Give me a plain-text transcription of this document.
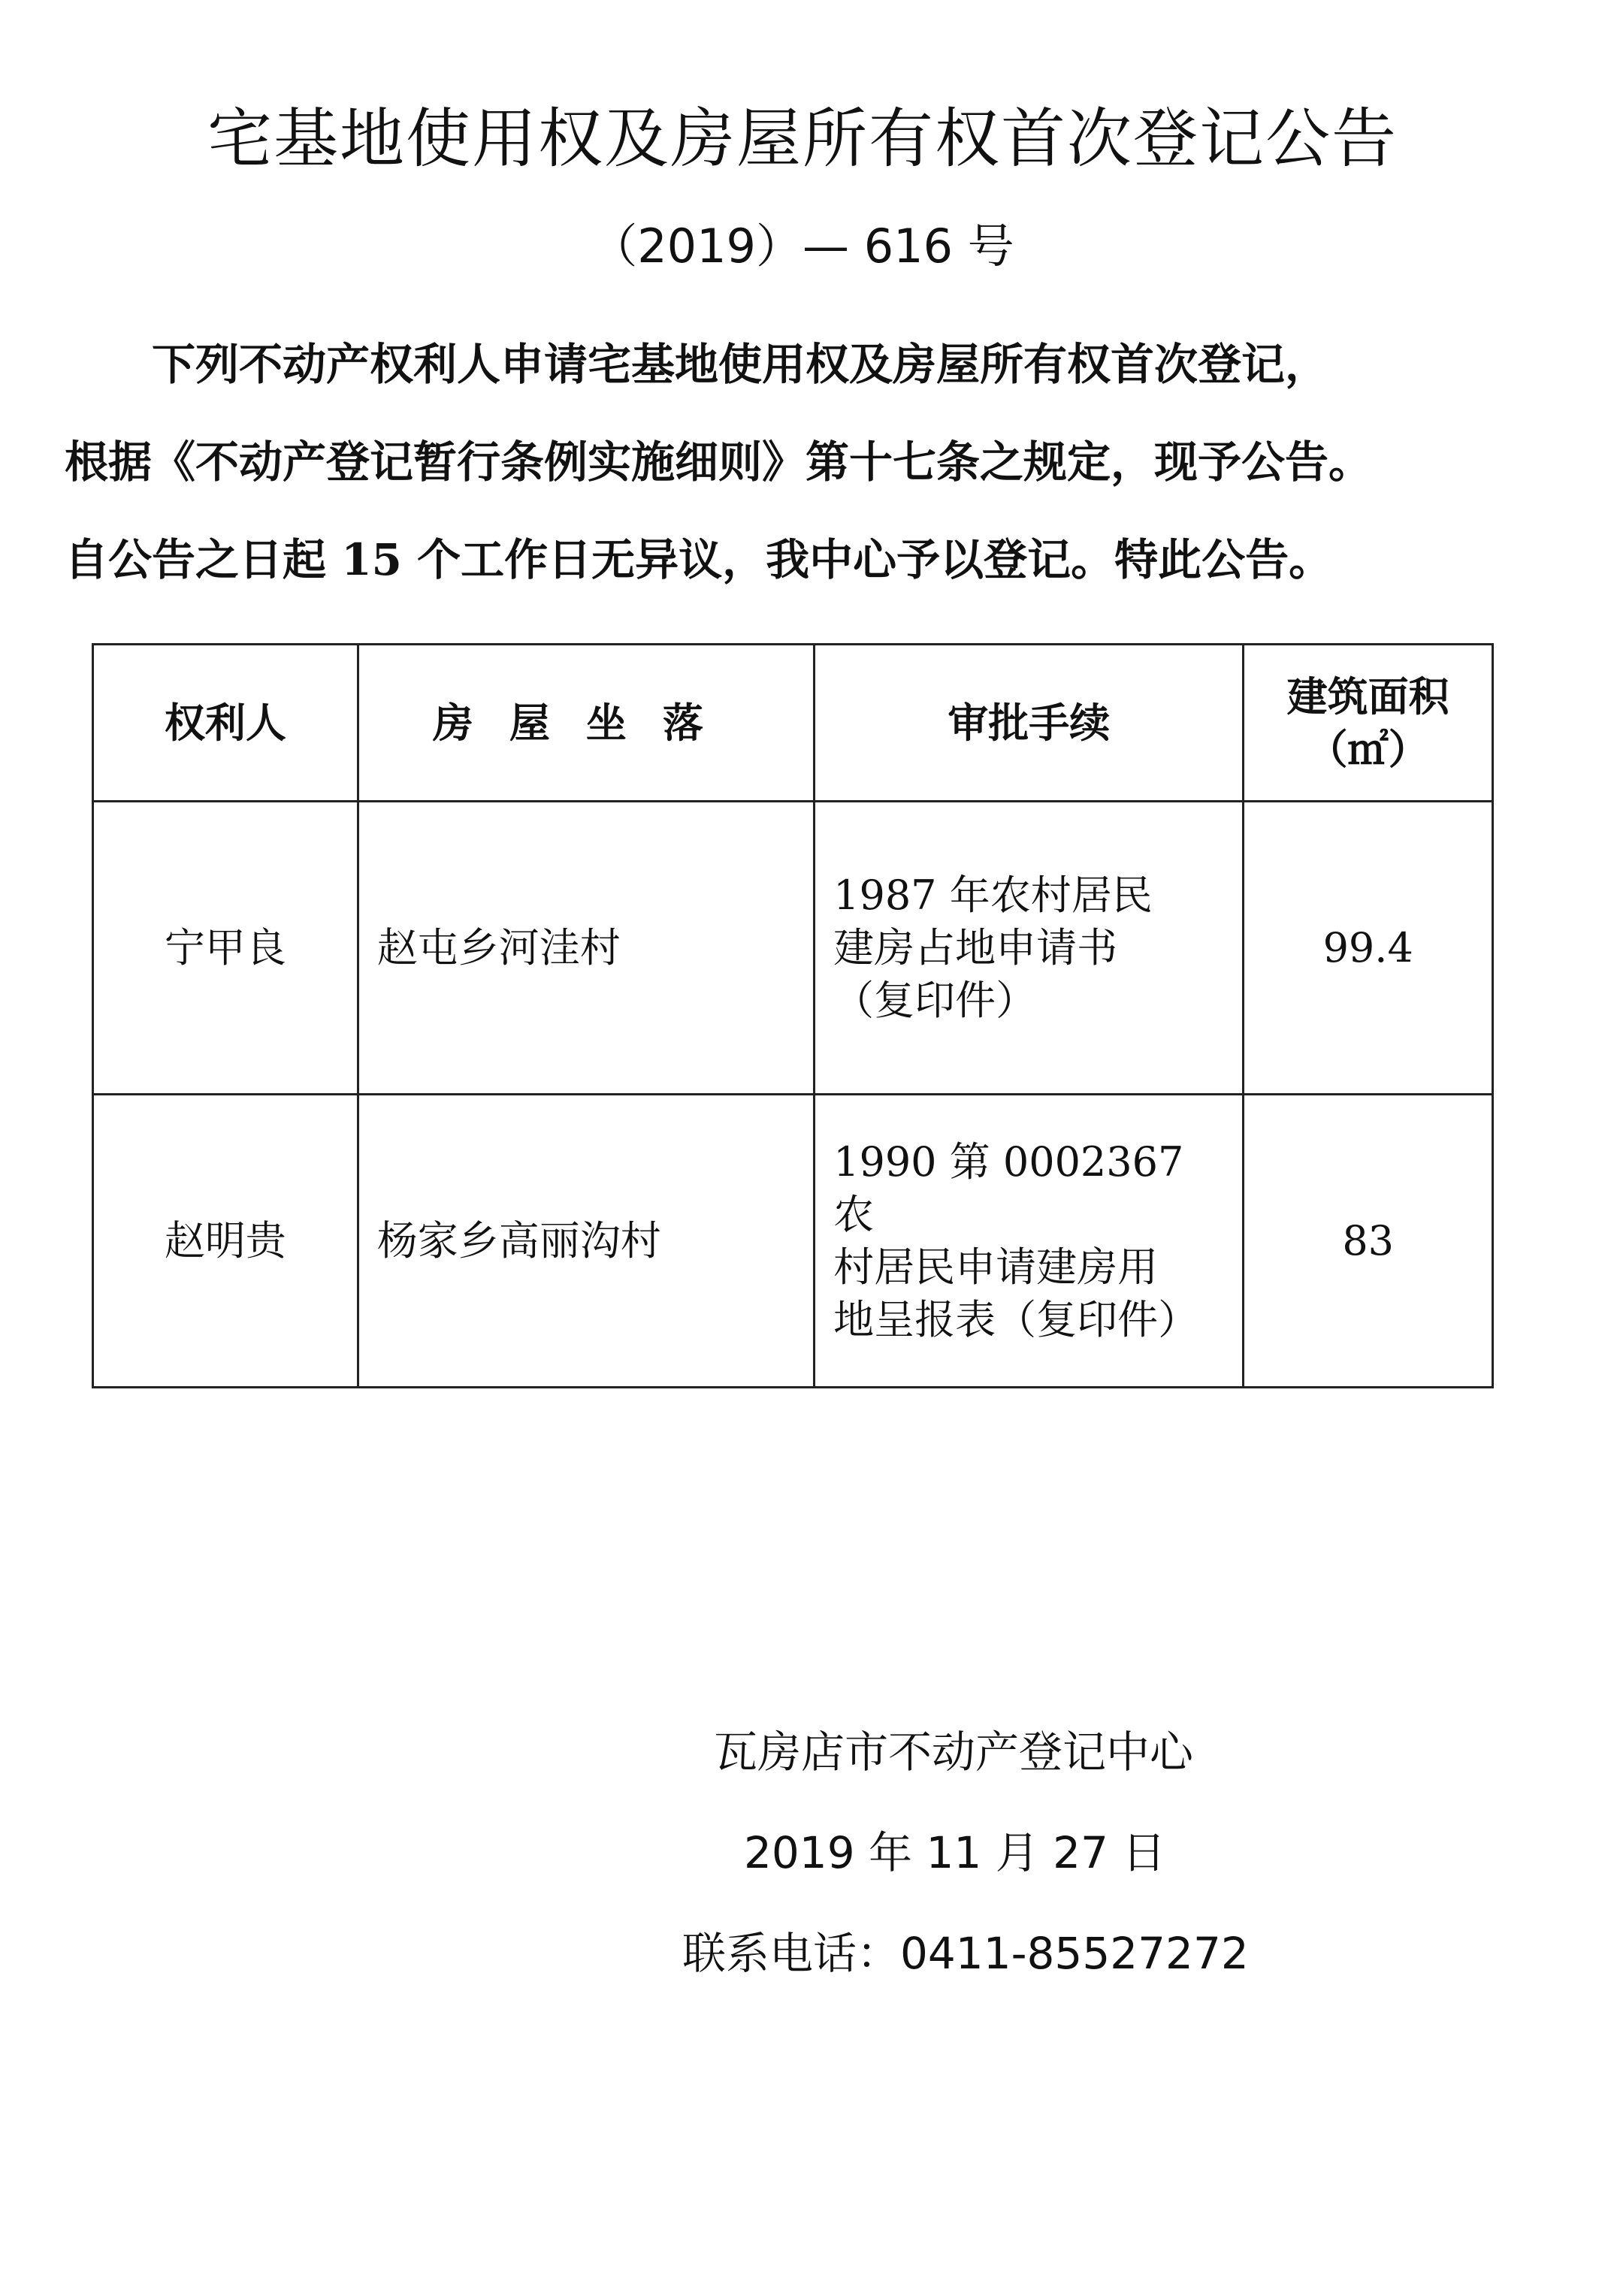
宅基地使用权及房屋所有权首次登记公告
（2019）— 616 号
下列不动产权利人申请宅基地使用权及房屋所有权首次登记，
根据《不动产登记暂行条例实施细则》第十七条之规定，现予公告。
自公告之日起 15 个工作日无异议，我中心予以登记。特此公告。
权利人	房屋坐落	审批手续	建筑面积
（㎡）

宁甲良	赵屯乡河洼村	1987 年农村居民
建房占地申请书
（复印件）	99.4
赵明贵	杨家乡高丽沟村	1990 第 0002367 农
村居民申请建房用
地呈报表（复印件）	83
瓦房店市不动产登记中心
2019 年 11 月 27 日
联系电话：0411-85527272
